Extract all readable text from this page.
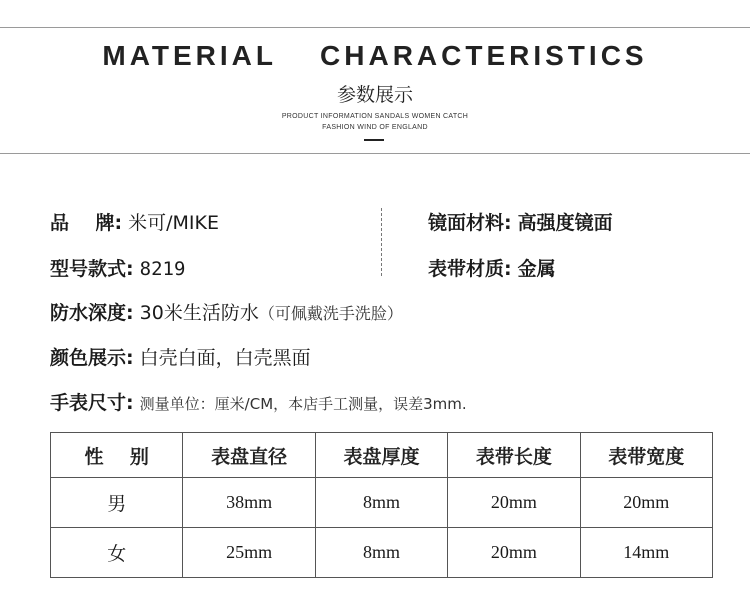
MATERIAL  CHARACTERISTICS
参数展示
PRODUCT INFORMATION SANDALS WOMEN CATCH
FASHION WIND OF ENGLAND
品    牌: 米可/MIKE	镜面材料: 高强度镜面
型号款式: 8219	表带材质: 金属
防水深度: 30米生活防水（可佩戴洗手洗脸）
颜色展示: 白壳白面，白壳黑面
手表尺寸: 测量单位：厘米/CM，本店手工测量，误差3mm.
性    别	表盘直径	表盘厚度	表带长度	表带宽度
男	38mm	8mm	20mm	20mm
女	25mm	8mm	20mm	14mm
